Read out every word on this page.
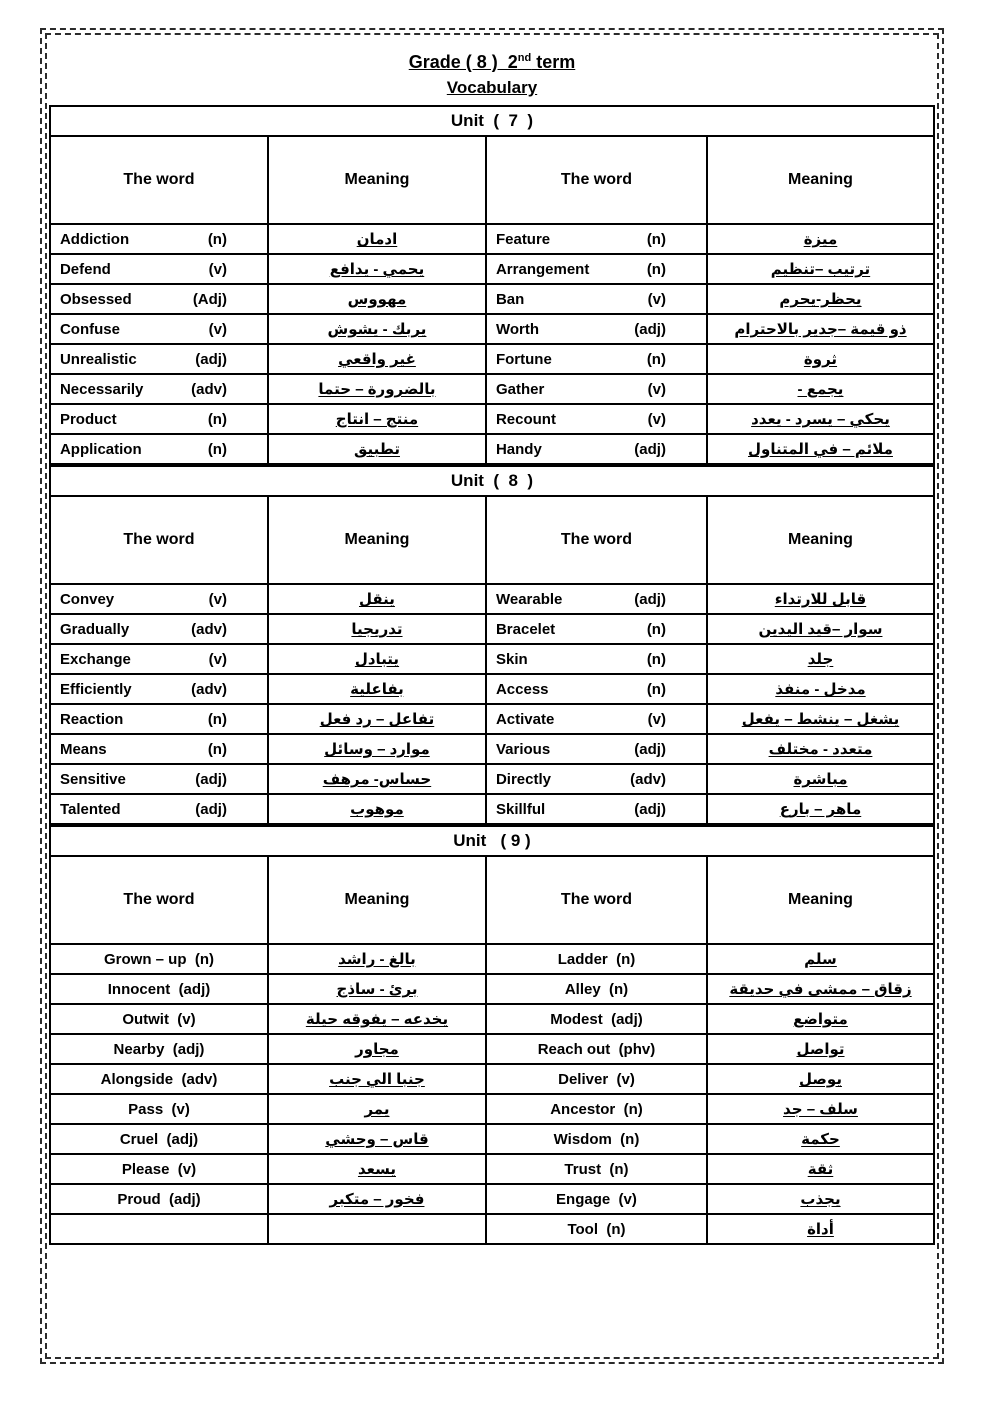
Grade ( 8 )  2nd term
Vocabulary
Unit  (  7  )			
The word	Meaning	The word	Meaning

Addiction (n)	ادمان	Feature (n)	ميزة

Defend (v)	يحمي - يدافع	Arrangement (n)	ترتيب –تنظيم

Obsessed (Adj)	مهووس	Ban (v)	يحظر-يحرم

Confuse (v)	يربك - يشوش	Worth (adj)	ذو قيمة –جدير بالاحترام

Unrealistic (adj)	غير واقعي	Fortune (n)	ثروة

Necessarily (adv)	بالضرورة – حتما	Gather (v)	يجمع -

Product (n)	منتج – انتاج	Recount (v)	يحكي – يسرد - يعدد

Application (n)	تطبيق	Handy (adj)	ملائم – في المتناول
Unit  (  8  )			
The word	Meaning	The word	Meaning

Convey (v)	ينقل	Wearable (adj)	قابل للارتداء

Gradually (adv)	تدريجيا	Bracelet (n)	سوار –قيد اليدين

Exchange (v)	يتبادل	Skin (n)	جلد

Efficiently (adv)	بفاعلية	Access (n)	مدخل - منفذ

Reaction (n)	تفاعل – رد فعل	Activate (v)	يشغل – ينشط – يفعل

Means (n)	موارد – وسائل	Various (adj)	متعدد - مختلف

Sensitive (adj)	حساس- مرهف	Directly (adv)	مباشرة

Talented (adj)	موهوب	Skillful (adj)	ماهر – بارع
Unit   ( 9 )			
The word	Meaning	The word	Meaning
Grown – up  (n)	بالغ - راشد	Ladder  (n)	سلم
Innocent  (adj)	برئ - ساذج	Alley  (n)	زقاق – ممشى في حديقة
Outwit  (v)	يخدعه – يفوقه حيلة	Modest  (adj)	متواضع
Nearby  (adj)	مجاور	Reach out  (phv)	تواصل
Alongside  (adv)	جنبا الي جنب	Deliver  (v)	يوصل
Pass  (v)	يمر	Ancestor  (n)	سلف – جد
Cruel  (adj)	قاس – وحشي	Wisdom  (n)	حكمة
Please  (v)	يسعد	Trust  (n)	ثقة
Proud  (adj)	فخور – متكبر	Engage  (v)	يجذب
		Tool  (n)	أداة
